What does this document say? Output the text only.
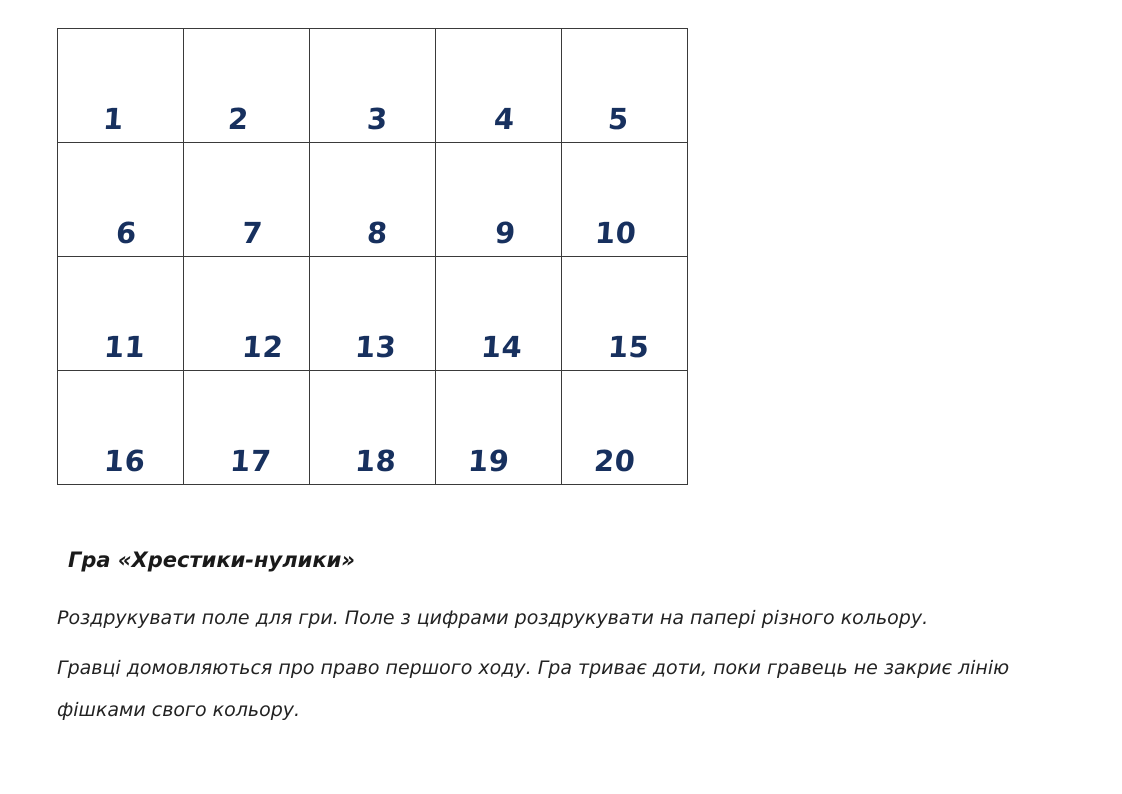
1	2	3	4	5

6	7	8	9	10

11	12	13	14	15

16	17	18	19	20
Гра «Хрестики-нулики»

Роздрукувати поле для гри. Поле з цифрами роздрукувати на папері різного кольору.

Гравці домовляються про право першого ходу. Гра триває доти, поки гравець не закриє лінію фішками свого кольору.
